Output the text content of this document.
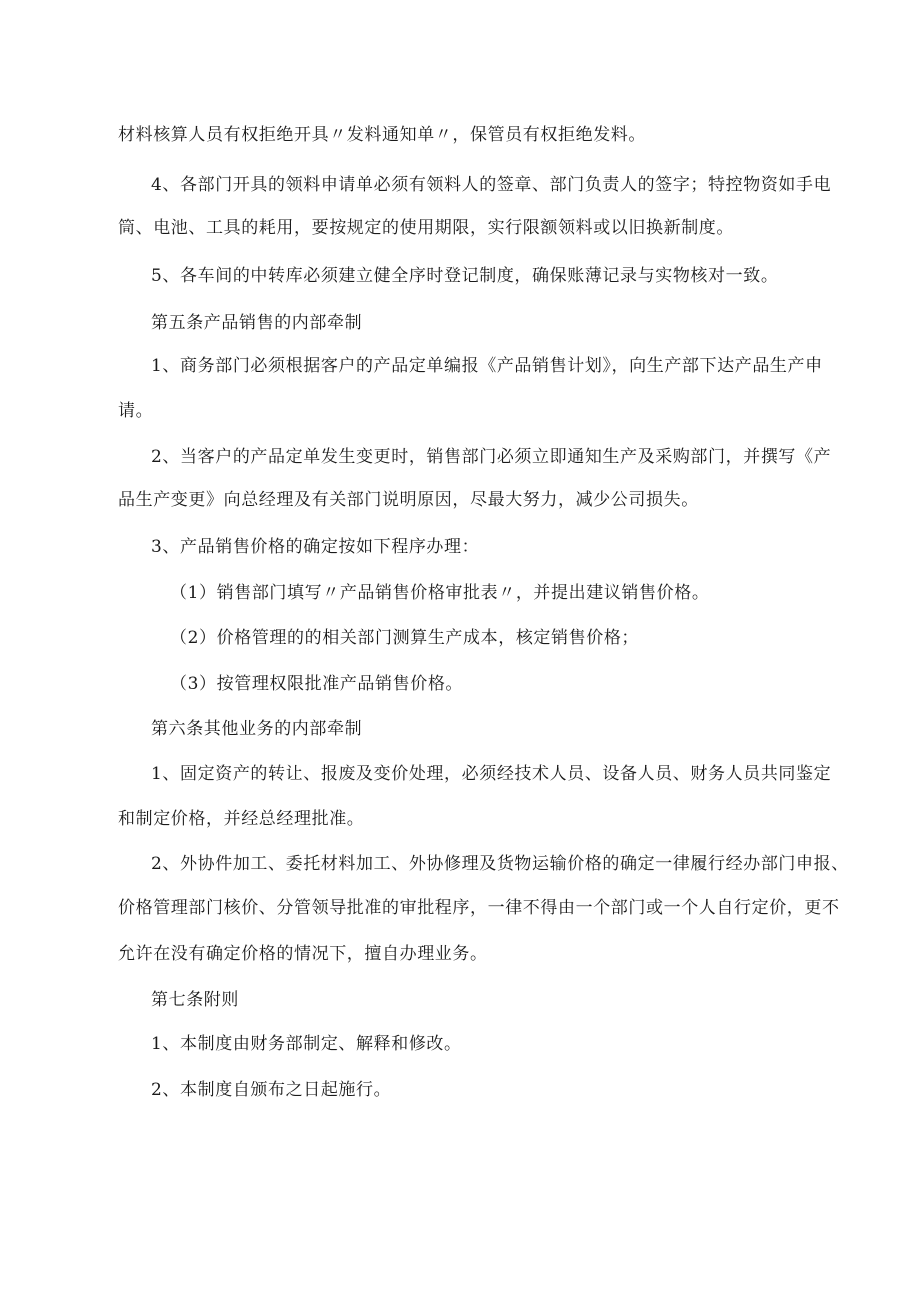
材料核算人员有权拒绝开具〃发料通知单〃，保管员有权拒绝发料。
4、各部门开具的领料申请单必须有领料人的签章、部门负责人的签字；特控物资如手电
筒、电池、工具的耗用，要按规定的使用期限，实行限额领料或以旧换新制度。
5、各车间的中转库必须建立健全序时登记制度，确保账薄记录与实物核对一致。
第五条产品销售的内部牵制
1、商务部门必须根据客户的产品定单编报《产品销售计划》，向生产部下达产品生产申
请。
2、当客户的产品定单发生变更时，销售部门必须立即通知生产及采购部门，并撰写《产
品生产变更》向总经理及有关部门说明原因，尽最大努力，减少公司损失。
3、产品销售价格的确定按如下程序办理：
（1）销售部门填写〃产品销售价格审批表〃，并提出建议销售价格。
（2）价格管理的的相关部门测算生产成本，核定销售价格；
（3）按管理权限批准产品销售价格。
第六条其他业务的内部牵制
1、固定资产的转让、报废及变价处理，必须经技术人员、设备人员、财务人员共同鉴定
和制定价格，并经总经理批准。
2、外协件加工、委托材料加工、外协修理及货物运输价格的确定一律履行经办部门申报、
价格管理部门核价、分管领导批准的审批程序，一律不得由一个部门或一个人自行定价，更不
允许在没有确定价格的情况下，擅自办理业务。
第七条附则
1、本制度由财务部制定、解释和修改。
2、本制度自颁布之日起施行。
